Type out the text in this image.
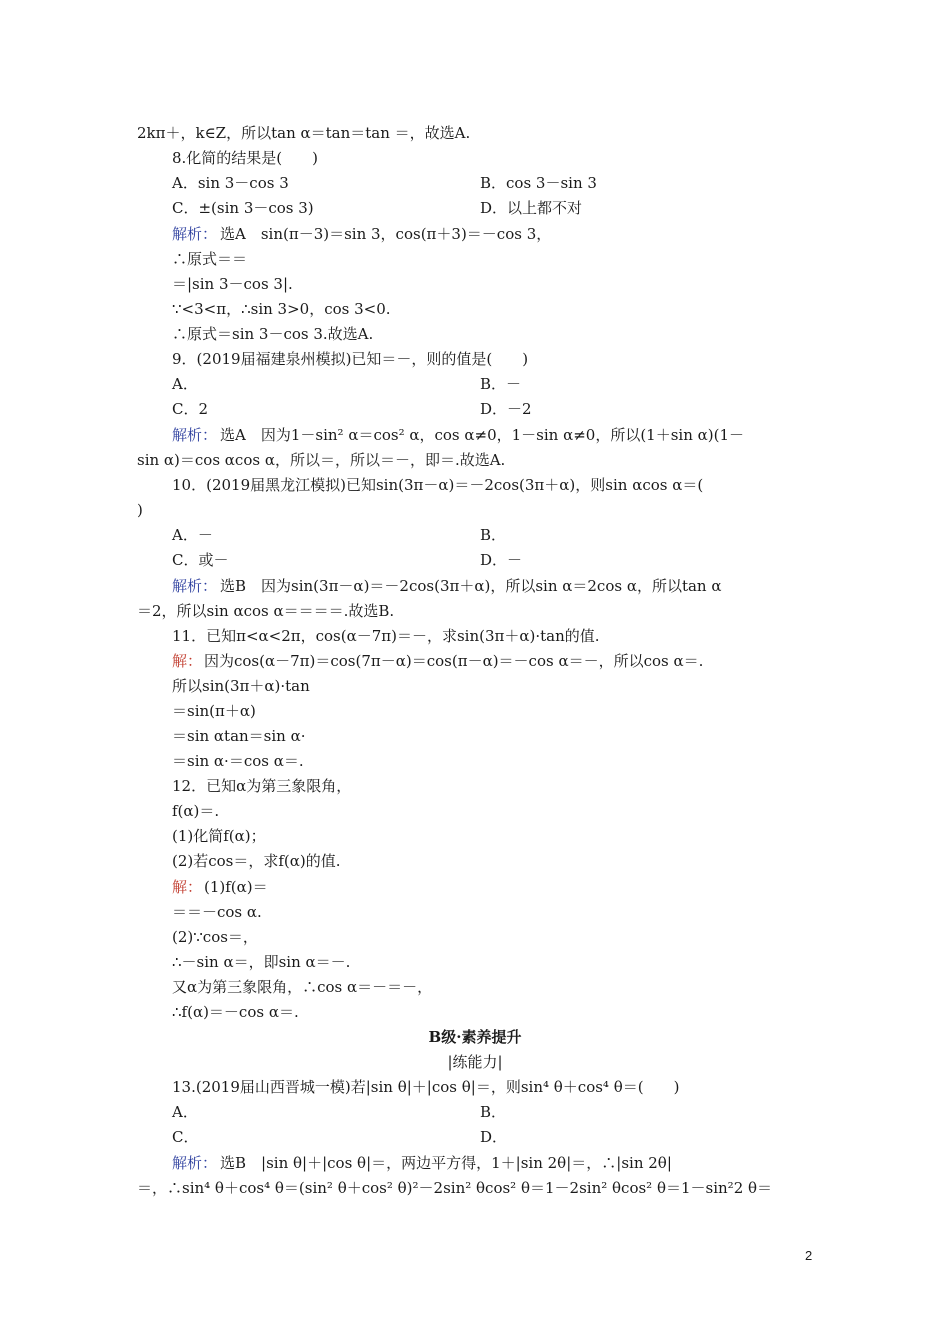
2kπ＋，k∈Z，所以tan α＝tan＝tan ＝，故选A.
8.化简的结果是(　　)
A．sin 3－cos 3	B．cos 3－sin 3
C．±(sin 3－cos 3)	D．以上都不对
解析： 选A　sin(π－3)＝sin 3，cos(π＋3)＝－cos 3，
∴原式＝＝
＝|sin 3－cos 3|.
∵<3<π，∴sin 3>0，cos 3<0.
∴原式＝sin 3－cos 3.故选A.
9．(2019届福建泉州模拟)已知＝－，则的值是(　　)
A．	B．－
C．2	D．－2
解析： 选A　因为1－sin² α＝cos² α，cos α≠0，1－sin α≠0，所以(1＋sin α)(1－
sin α)＝cos αcos α，所以＝，所以＝－，即＝.故选A.
10．(2019届黑龙江模拟)已知sin(3π－α)＝－2cos(3π＋α)，则sin αcos α＝(
)
A．－	B．
C．或－	D．－
解析： 选B　因为sin(3π－α)＝－2cos(3π＋α)，所以sin α＝2cos α，所以tan α
＝2，所以sin αcos α＝＝＝＝.故选B.
11．已知π<α<2π，cos(α－7π)＝－，求sin(3π＋α)·tan的值.
解： 因为cos(α－7π)＝cos(7π－α)＝cos(π－α)＝－cos α＝－，所以cos α＝.
所以sin(3π＋α)·tan
＝sin(π＋α)
＝sin αtan＝sin α·
＝sin α·＝cos α＝.
12．已知α为第三象限角，
f(α)＝.
(1)化简f(α)；
(2)若cos＝，求f(α)的值.
解： (1)f(α)＝
＝＝－cos α.
(2)∵cos＝，
∴－sin α＝，即sin α＝－.
又α为第三象限角，∴cos α＝－＝－，
∴f(α)＝－cos α＝.
B级·素养提升
|练能力|
13.(2019届山西晋城一模)若|sin θ|＋|cos θ|＝，则sin⁴ θ＋cos⁴ θ＝(　　)
A．	B．
C．	D．
解析： 选B　|sin θ|＋|cos θ|＝，两边平方得，1＋|sin 2θ|＝，∴|sin 2θ|
＝，∴sin⁴ θ＋cos⁴ θ＝(sin² θ＋cos² θ)²－2sin² θcos² θ＝1－2sin² θcos² θ＝1－sin²2 θ＝
2
